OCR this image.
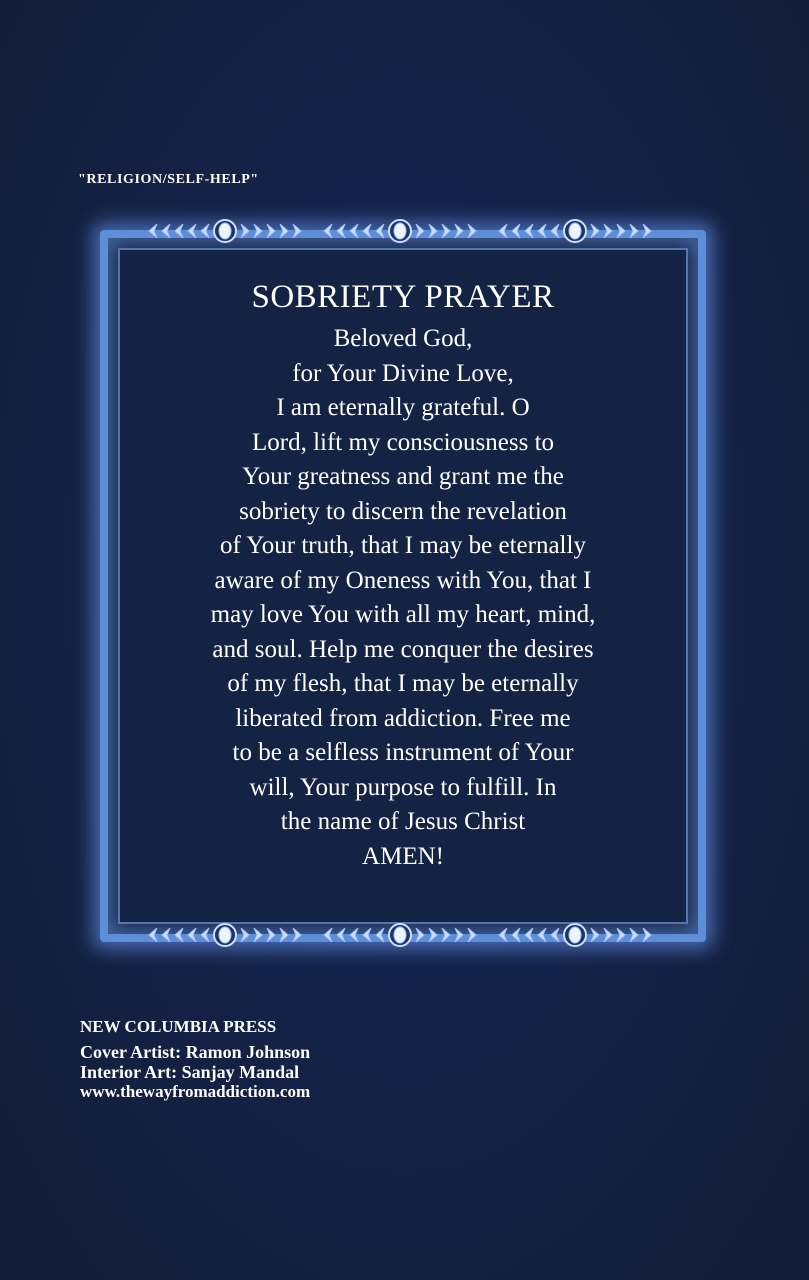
"RELIGION/SELF-HELP"
SOBRIETY PRAYER
Beloved God,
for Your Divine Love,
I am eternally grateful. O
Lord, lift my consciousness to
Your greatness and grant me the
sobriety to discern the revelation
of Your truth, that I may be eternally
aware of my Oneness with You, that I
may love You with all my heart, mind,
and soul. Help me conquer the desires
of my flesh, that I may be eternally
liberated from addiction. Free me
to be a selfless instrument of Your
will, Your purpose to fulfill. In
the name of Jesus Christ
AMEN!
NEW COLUMBIA PRESS
Cover Artist: Ramon Johnson
Interior Art: Sanjay Mandal
www.thewayfromaddiction.com
